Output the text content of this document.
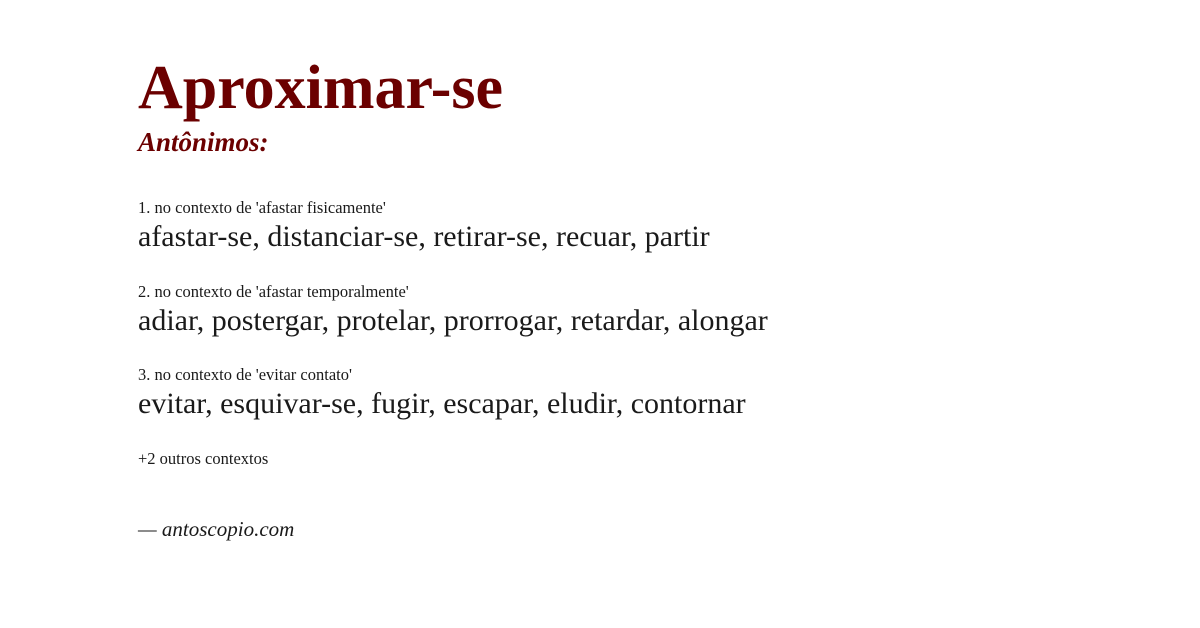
Aproximar-se
Antônimos:
1. no contexto de 'afastar fisicamente'
afastar-se, distanciar-se, retirar-se, recuar, partir
2. no contexto de 'afastar temporalmente'
adiar, postergar, protelar, prorrogar, retardar, alongar
3. no contexto de 'evitar contato'
evitar, esquivar-se, fugir, escapar, eludir, contornar
+2 outros contextos
— antoscopio.com
